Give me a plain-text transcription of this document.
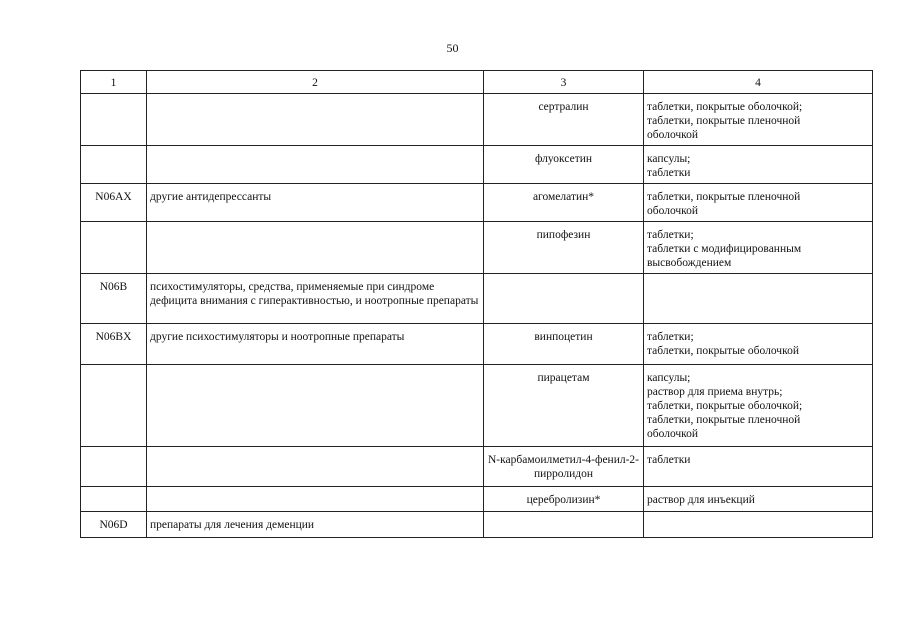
50
1	2	3	4
		сертралин	таблетки, покрытые оболочкой;
таблетки, покрытые пленочной
оболочкой
		флуоксетин	капсулы;
таблетки
N06AX	другие антидепрессанты	агомелатин*	таблетки, покрытые пленочной
оболочкой
		пипофезин	таблетки;
таблетки с модифицированным
высвобождением
N06B	психостимуляторы, средства, применяемые при синдроме дефицита внимания с гиперактивностью, и ноотропные препараты		
N06BX	другие психостимуляторы и ноотропные препараты	винпоцетин	таблетки;
таблетки, покрытые оболочкой
		пирацетам	капсулы;
раствор для приема внутрь;
таблетки, покрытые оболочкой;
таблетки, покрытые пленочной
оболочкой
		N-карбамоилметил-4-фенил-2-пирролидон	таблетки
		церебролизин*	раствор для инъекций
N06D	препараты для лечения деменции		
